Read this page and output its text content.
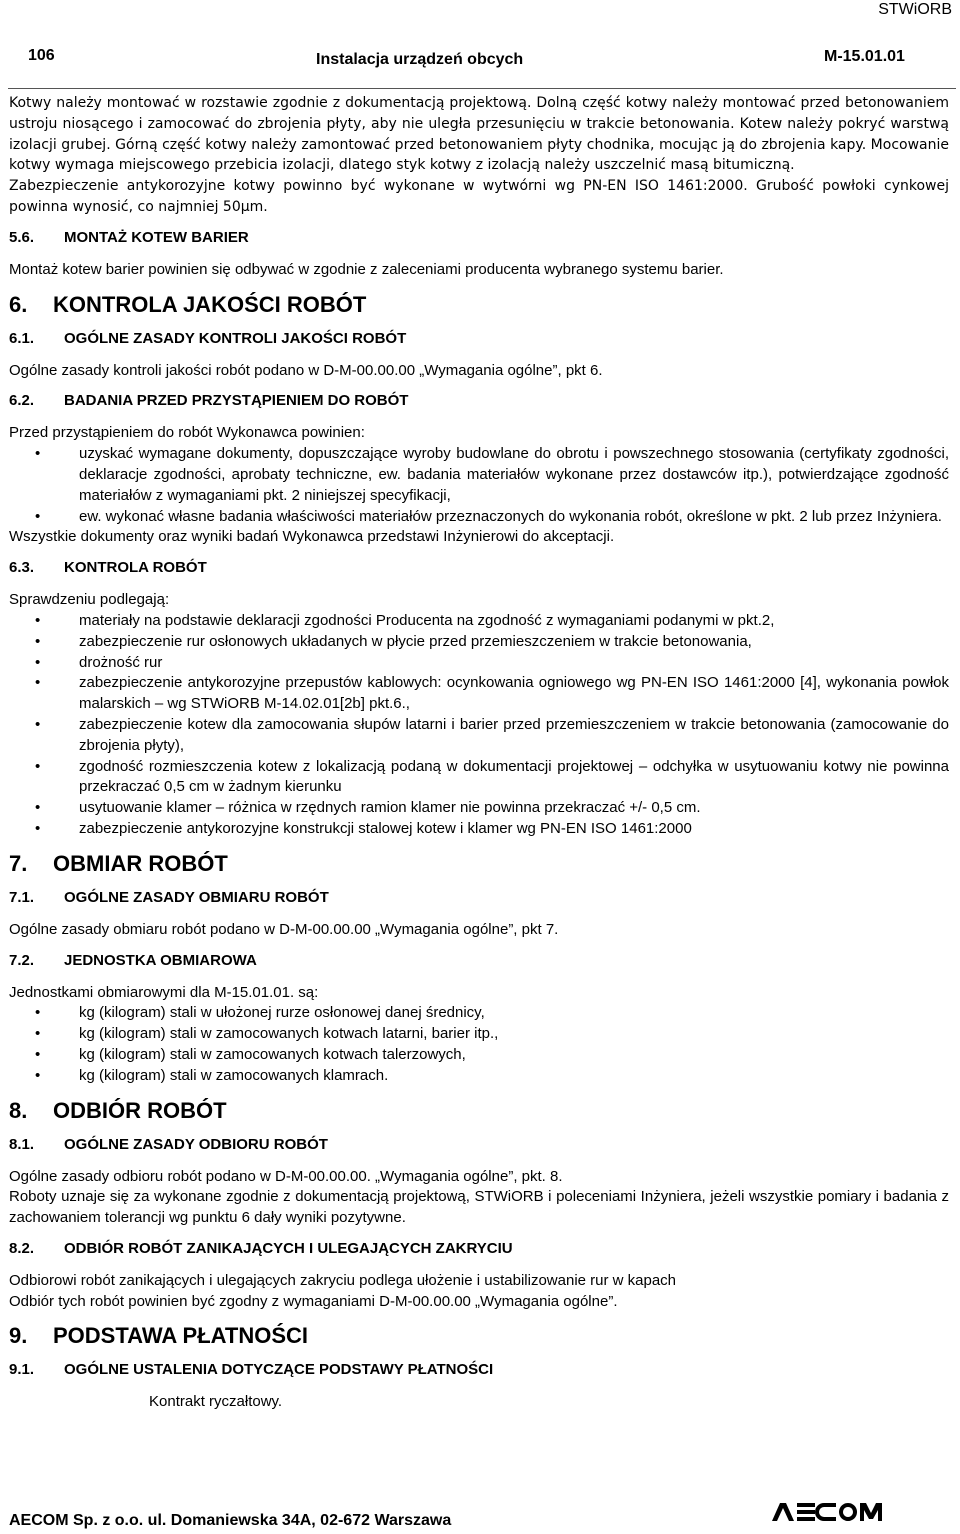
STWiORB
106	Instalacja urządzeń obcych	M-15.01.01

Kotwy należy montować w rozstawie zgodnie z dokumentacją projektową. Dolną część kotwy należy montować przed betonowaniem ustroju niosącego i zamocować do zbrojenia płyty, aby nie uległa przesunięciu w trakcie betonowania. Kotew należy pokryć warstwą izolacji grubej. Górną część kotwy należy zamontować przed betonowaniem płyty chodnika, mocując ją do zbrojenia kapy. Mocowanie kotwy wymaga miejscowego przebicia izolacji, dlatego styk kotwy z izolacją należy uszczelnić masą bitumiczną.

Zabezpieczenie antykorozyjne kotwy powinno być wykonane w wytwórni wg PN-EN ISO 1461:2000. Grubość powłoki cynkowej powinna wynosić, co najmniej 50μm.

5.6.	MONTAŻ KOTEW BARIER

Montaż kotew barier powinien się odbywać w zgodnie z zaleceniami producenta wybranego systemu barier.

6.	KONTROLA JAKOŚCI ROBÓT
6.1.	OGÓLNE ZASADY KONTROLI JAKOŚCI ROBÓT

Ogólne zasady kontroli jakości robót podano w D-M-00.00.00 „Wymagania ogólne”, pkt 6.

6.2.	BADANIA PRZED PRZYSTĄPIENIEM DO ROBÓT

Przed przystąpieniem do robót Wykonawca powinien:

• uzyskać wymagane dokumenty, dopuszczające wyroby budowlane do obrotu i powszechnego stosowania (certyfikaty zgodności, deklaracje zgodności, aprobaty techniczne, ew. badania materiałów wykonane przez dostawców itp.), potwierdzające zgodność materiałów z wymaganiami pkt. 2 niniejszej specyfikacji,
• ew. wykonać własne badania właściwości materiałów przeznaczonych do wykonania robót, określone w pkt. 2 lub przez Inżyniera.

Wszystkie dokumenty oraz wyniki badań Wykonawca przedstawi Inżynierowi do akceptacji.

6.3.	KONTROLA ROBÓT

Sprawdzeniu podlegają:

• materiały na podstawie deklaracji zgodności Producenta na zgodność z wymaganiami podanymi w pkt.2,
• zabezpieczenie rur osłonowych układanych w płycie przed przemieszczeniem w trakcie betonowania,
• drożność rur
• zabezpieczenie antykorozyjne przepustów kablowych: ocynkowania ogniowego wg PN-EN ISO 1461:2000 [4], wykonania powłok malarskich – wg STWiORB M-14.02.01[2b] pkt.6.,
• zabezpieczenie kotew dla zamocowania słupów latarni i barier przed przemieszczeniem w trakcie betonowania (zamocowanie do zbrojenia płyty),
• zgodność rozmieszczenia kotew z lokalizacją podaną w dokumentacji projektowej – odchyłka w usytuowaniu kotwy nie powinna przekraczać 0,5 cm w żadnym kierunku
• usytuowanie klamer – różnica w rzędnych ramion klamer nie powinna przekraczać +/- 0,5 cm.
• zabezpieczenie antykorozyjne konstrukcji stalowej kotew i klamer wg PN-EN ISO 1461:2000
7.	OBMIAR ROBÓT
7.1.	OGÓLNE ZASADY OBMIARU ROBÓT

Ogólne zasady obmiaru robót podano w D-M-00.00.00 „Wymagania ogólne”, pkt 7.

7.2.	JEDNOSTKA OBMIAROWA

Jednostkami obmiarowymi dla M-15.01.01. są:

• kg (kilogram) stali w ułożonej rurze osłonowej danej średnicy,
• kg (kilogram) stali w zamocowanych kotwach latarni, barier itp.,
• kg (kilogram) stali w zamocowanych kotwach talerzowych,
• kg (kilogram) stali w zamocowanych klamrach.
8.	ODBIÓR ROBÓT
8.1.	OGÓLNE ZASADY ODBIORU ROBÓT

Ogólne zasady odbioru robót podano w D-M-00.00.00. „Wymagania ogólne”, pkt. 8.

Roboty uznaje się za wykonane zgodnie z dokumentacją projektową, STWiORB i poleceniami Inżyniera, jeżeli wszystkie pomiary i badania z zachowaniem tolerancji wg punktu 6 dały wyniki pozytywne.

8.2.	ODBIÓR ROBÓT ZANIKAJĄCYCH I ULEGAJĄCYCH ZAKRYCIU

Odbiorowi robót zanikających i ulegających zakryciu podlega ułożenie i ustabilizowanie rur w kapach

Odbiór tych robót powinien być zgodny z wymaganiami D-M-00.00.00 „Wymagania ogólne”.

9.	PODSTAWA PŁATNOŚCI
9.1.	OGÓLNE USTALENIA DOTYCZĄCE PODSTAWY PŁATNOŚCI

Kontrakt ryczałtowy.

AECOM Sp. z o.o. ul. Domaniewska 34A, 02-672 Warszawa
